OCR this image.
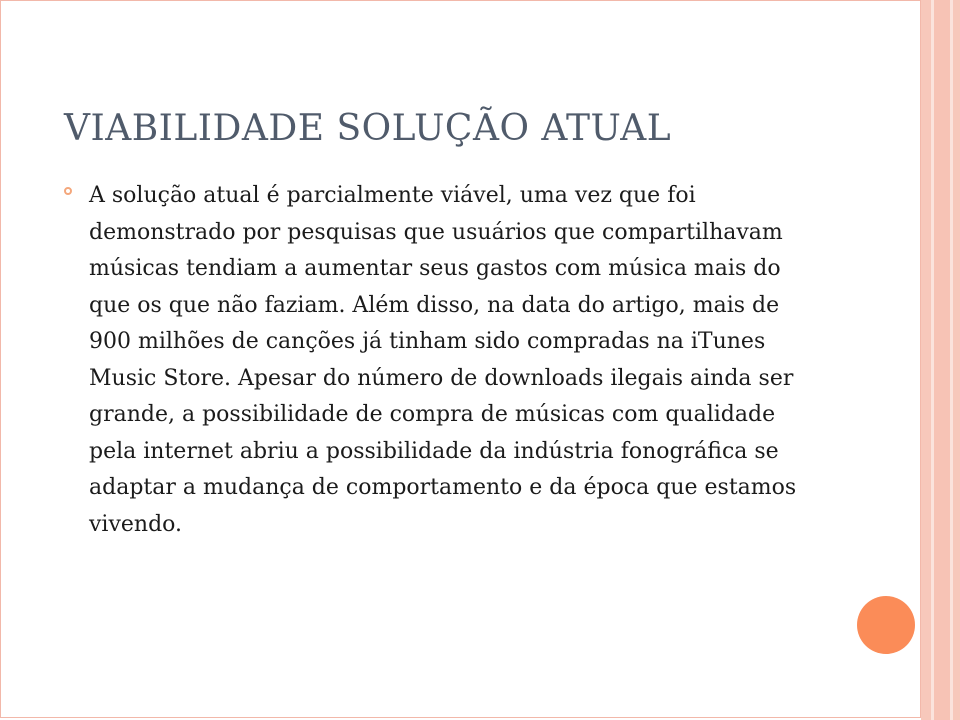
VIABILIDADE SOLUÇÃO ATUAL

A solução atual é parcialmente viável, uma vez que foi demonstrado por pesquisas que usuários que compartilhavam músicas tendiam a aumentar seus gastos com música mais do que os que não faziam. Além disso, na data do artigo, mais de 900 milhões de canções já tinham sido compradas na iTunes Music Store. Apesar do número de downloads ilegais ainda ser grande, a possibilidade de compra de músicas com qualidade pela internet abriu a possibilidade da indústria fonográfica se adaptar a mudança de comportamento e da época que estamos vivendo.
